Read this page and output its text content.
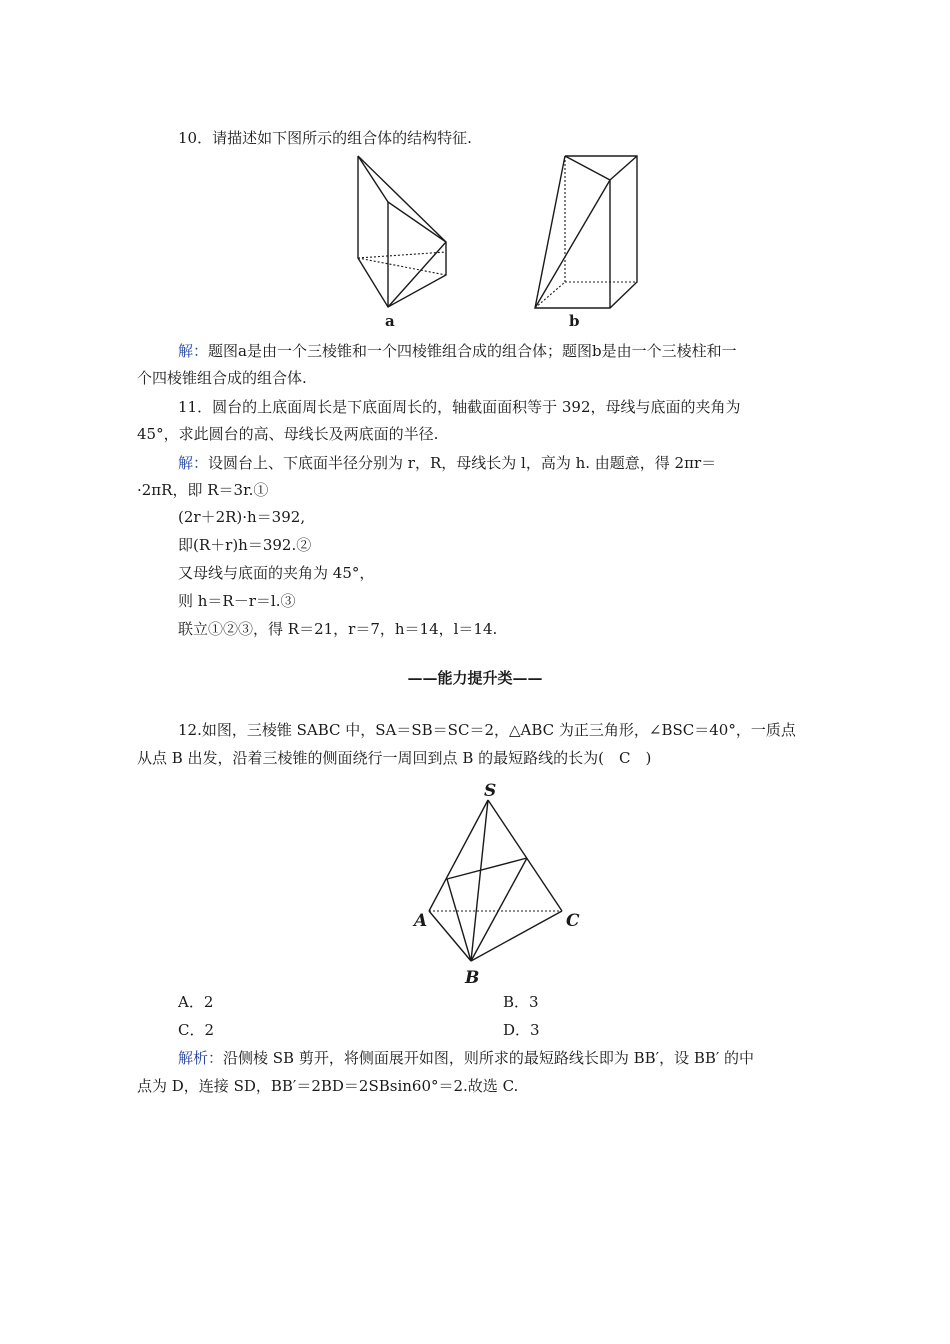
10．请描述如下图所示的组合体的结构特征.
a	b
解：题图a是由一个三棱锥和一个四棱锥组合成的组合体；题图b是由一个三棱柱和一
个四棱锥组合成的组合体.
11．圆台的上底面周长是下底面周长的，轴截面面积等于 392，母线与底面的夹角为
45°，求此圆台的高、母线长及两底面的半径.
解：设圆台上、下底面半径分别为 r，R，母线长为 l，高为 h. 由题意，得 2πr＝
·2πR，即 R＝3r.①
(2r＋2R)·h＝392,
即(R＋r)h＝392.②
又母线与底面的夹角为 45°，
则 h＝R－r＝l.③
联立①②③，得 R＝21，r＝7，h＝14，l＝14.
——能力提升类——
12.如图，三棱锥 SABC 中，SA＝SB＝SC＝2，△ABC 为正三角形，∠BSC＝40°，一质点
从点 B 出发，沿着三棱锥的侧面绕行一周回到点 B 的最短路线的长为(　C　)
S
A	C
B
A．2	B．3
C．2	D．3
解析：沿侧棱 SB 剪开，将侧面展开如图，则所求的最短路线长即为 BB′，设 BB′ 的中
点为 D，连接 SD，BB′＝2BD＝2SBsin60°＝2.故选 C.
